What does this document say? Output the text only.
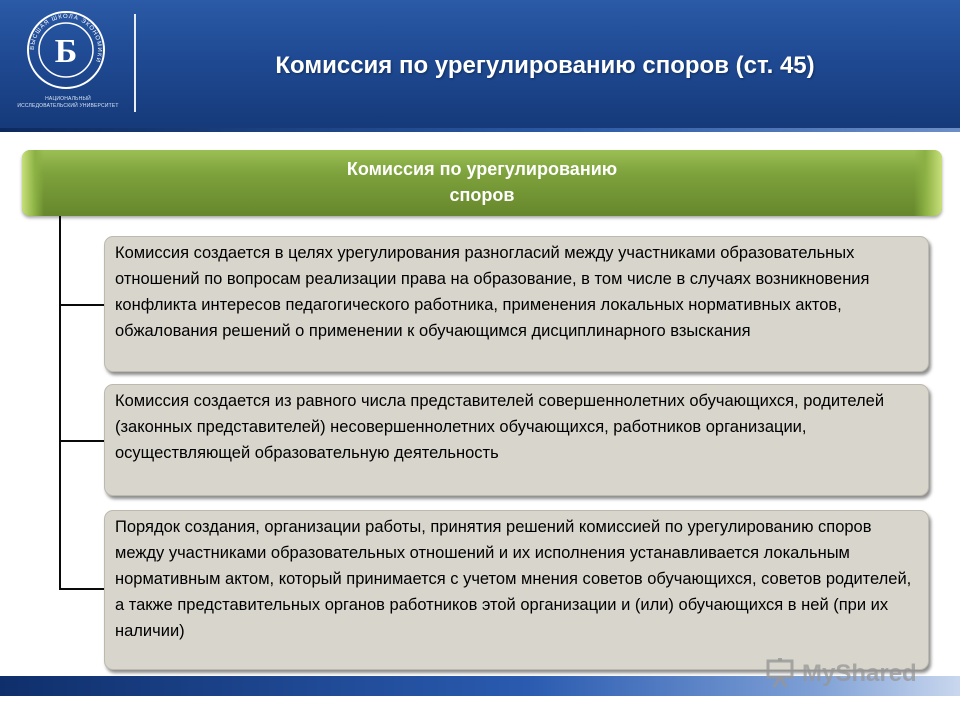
ВЫСШАЯ ШКОЛА ЭКОНОМИКИ
Б
НАЦИОНАЛЬНЫЙ ИССЛЕДОВАТЕЛЬСКИЙ УНИВЕРСИТЕТ
Комиссия по урегулированию споров (ст. 45)
Комиссия по урегулированию
споров
Комиссия создается в целях урегулирования разногласий между участниками образовательных отношений по вопросам реализации права на образование, в том числе в случаях возникновения конфликта интересов педагогического работника, применения локальных нормативных актов, обжалования решений о применении к обучающимся дисциплинарного взыскания
Комиссия создается из равного числа представителей совершеннолетних обучающихся, родителей (законных представителей) несовершеннолетних обучающихся, работников организации, осуществляющей образовательную деятельность
Порядок создания, организации работы, принятия решений комиссией по урегулированию споров между участниками образовательных отношений и их исполнения устанавливается локальным нормативным актом, который принимается с учетом мнения советов обучающихся, советов родителей, а также представительных органов работников этой организации и (или) обучающихся в ней (при их наличии)
MyShared
